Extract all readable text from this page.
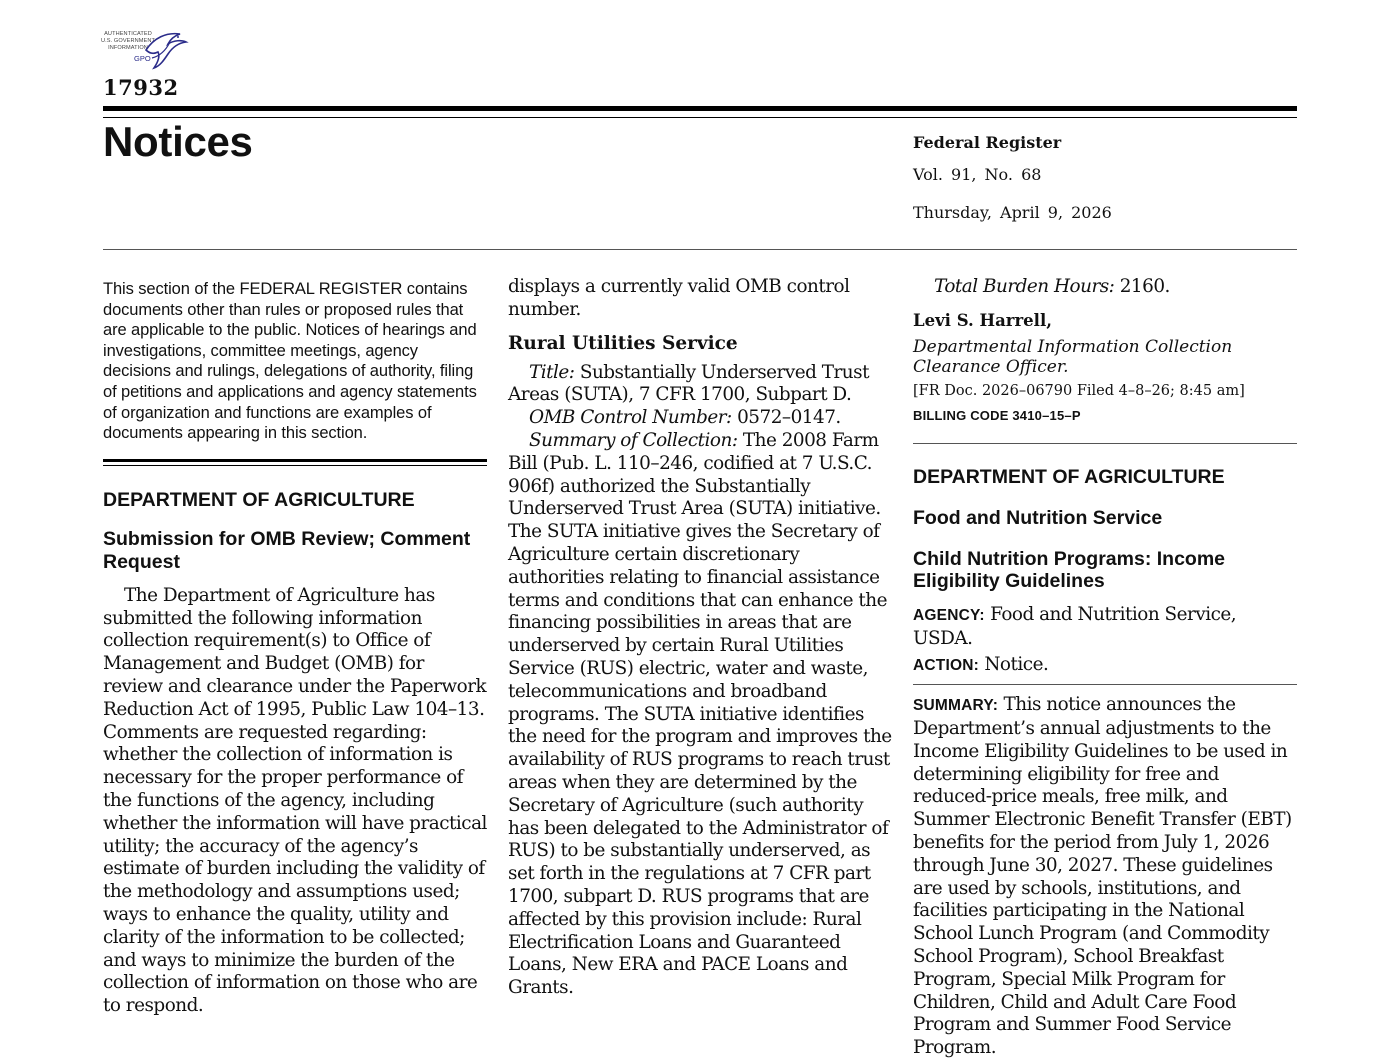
AUTHENTICATED
U.S. GOVERNMENT
INFORMATION
GPO
17932
Notices	Federal Register
Vol. 91, No. 68
Thursday, April 9, 2026

This section of the FEDERAL REGISTER contains documents other than rules or proposed rules that are applicable to the public. Notices of hearings and investigations, committee meetings, agency decisions and rulings, delegations of authority, filing of petitions and applications and agency statements of organization and functions are examples of documents appearing in this section.

DEPARTMENT OF AGRICULTURE
Submission for OMB Review; Comment Request

The Department of Agriculture has submitted the following information collection requirement(s) to Office of Management and Budget (OMB) for review and clearance under the Paperwork Reduction Act of 1995, Public Law 104–13. Comments are requested regarding: whether the collection of information is necessary for the proper performance of the functions of the agency, including whether the information will have practical utility; the accuracy of the agency’s estimate of burden including the validity of the methodology and assumptions used; ways to enhance the quality, utility and clarity of the information to be collected; and ways to minimize the burden of the collection of information on those who are to respond.

displays a currently valid OMB control number.

Rural Utilities Service

Title: Substantially Underserved Trust Areas (SUTA), 7 CFR 1700, Subpart D.

OMB Control Number: 0572–0147.

Summary of Collection: The 2008 Farm Bill (Pub. L. 110–246, codified at 7 U.S.C. 906f) authorized the Substantially Underserved Trust Area (SUTA) initiative. The SUTA initiative gives the Secretary of Agriculture certain discretionary authorities relating to financial assistance terms and conditions that can enhance the financing possibilities in areas that are underserved by certain Rural Utilities Service (RUS) electric, water and waste, telecommunications and broadband programs. The SUTA initiative identifies the need for the program and improves the availability of RUS programs to reach trust areas when they are determined by the Secretary of Agriculture (such authority has been delegated to the Administrator of RUS) to be substantially underserved, as set forth in the regulations at 7 CFR part 1700, subpart D. RUS programs that are affected by this provision include: Rural Electrification Loans and Guaranteed Loans, New ERA and PACE Loans and Grants.

Total Burden Hours: 2160.

Levi S. Harrell,
Departmental Information Collection Clearance Officer.
[FR Doc. 2026–06790 Filed 4–8–26; 8:45 am]
BILLING CODE 3410–15–P
DEPARTMENT OF AGRICULTURE
Food and Nutrition Service
Child Nutrition Programs: Income Eligibility Guidelines

AGENCY: Food and Nutrition Service, USDA.

ACTION: Notice.

SUMMARY: This notice announces the Department’s annual adjustments to the Income Eligibility Guidelines to be used in determining eligibility for free and reduced-price meals, free milk, and Summer Electronic Benefit Transfer (EBT) benefits for the period from July 1, 2026 through June 30, 2027. These guidelines are used by schools, institutions, and facilities participating in the National School Lunch Program (and Commodity School Program), School Breakfast Program, Special Milk Program for Children, Child and Adult Care Food Program and Summer Food Service Program.
